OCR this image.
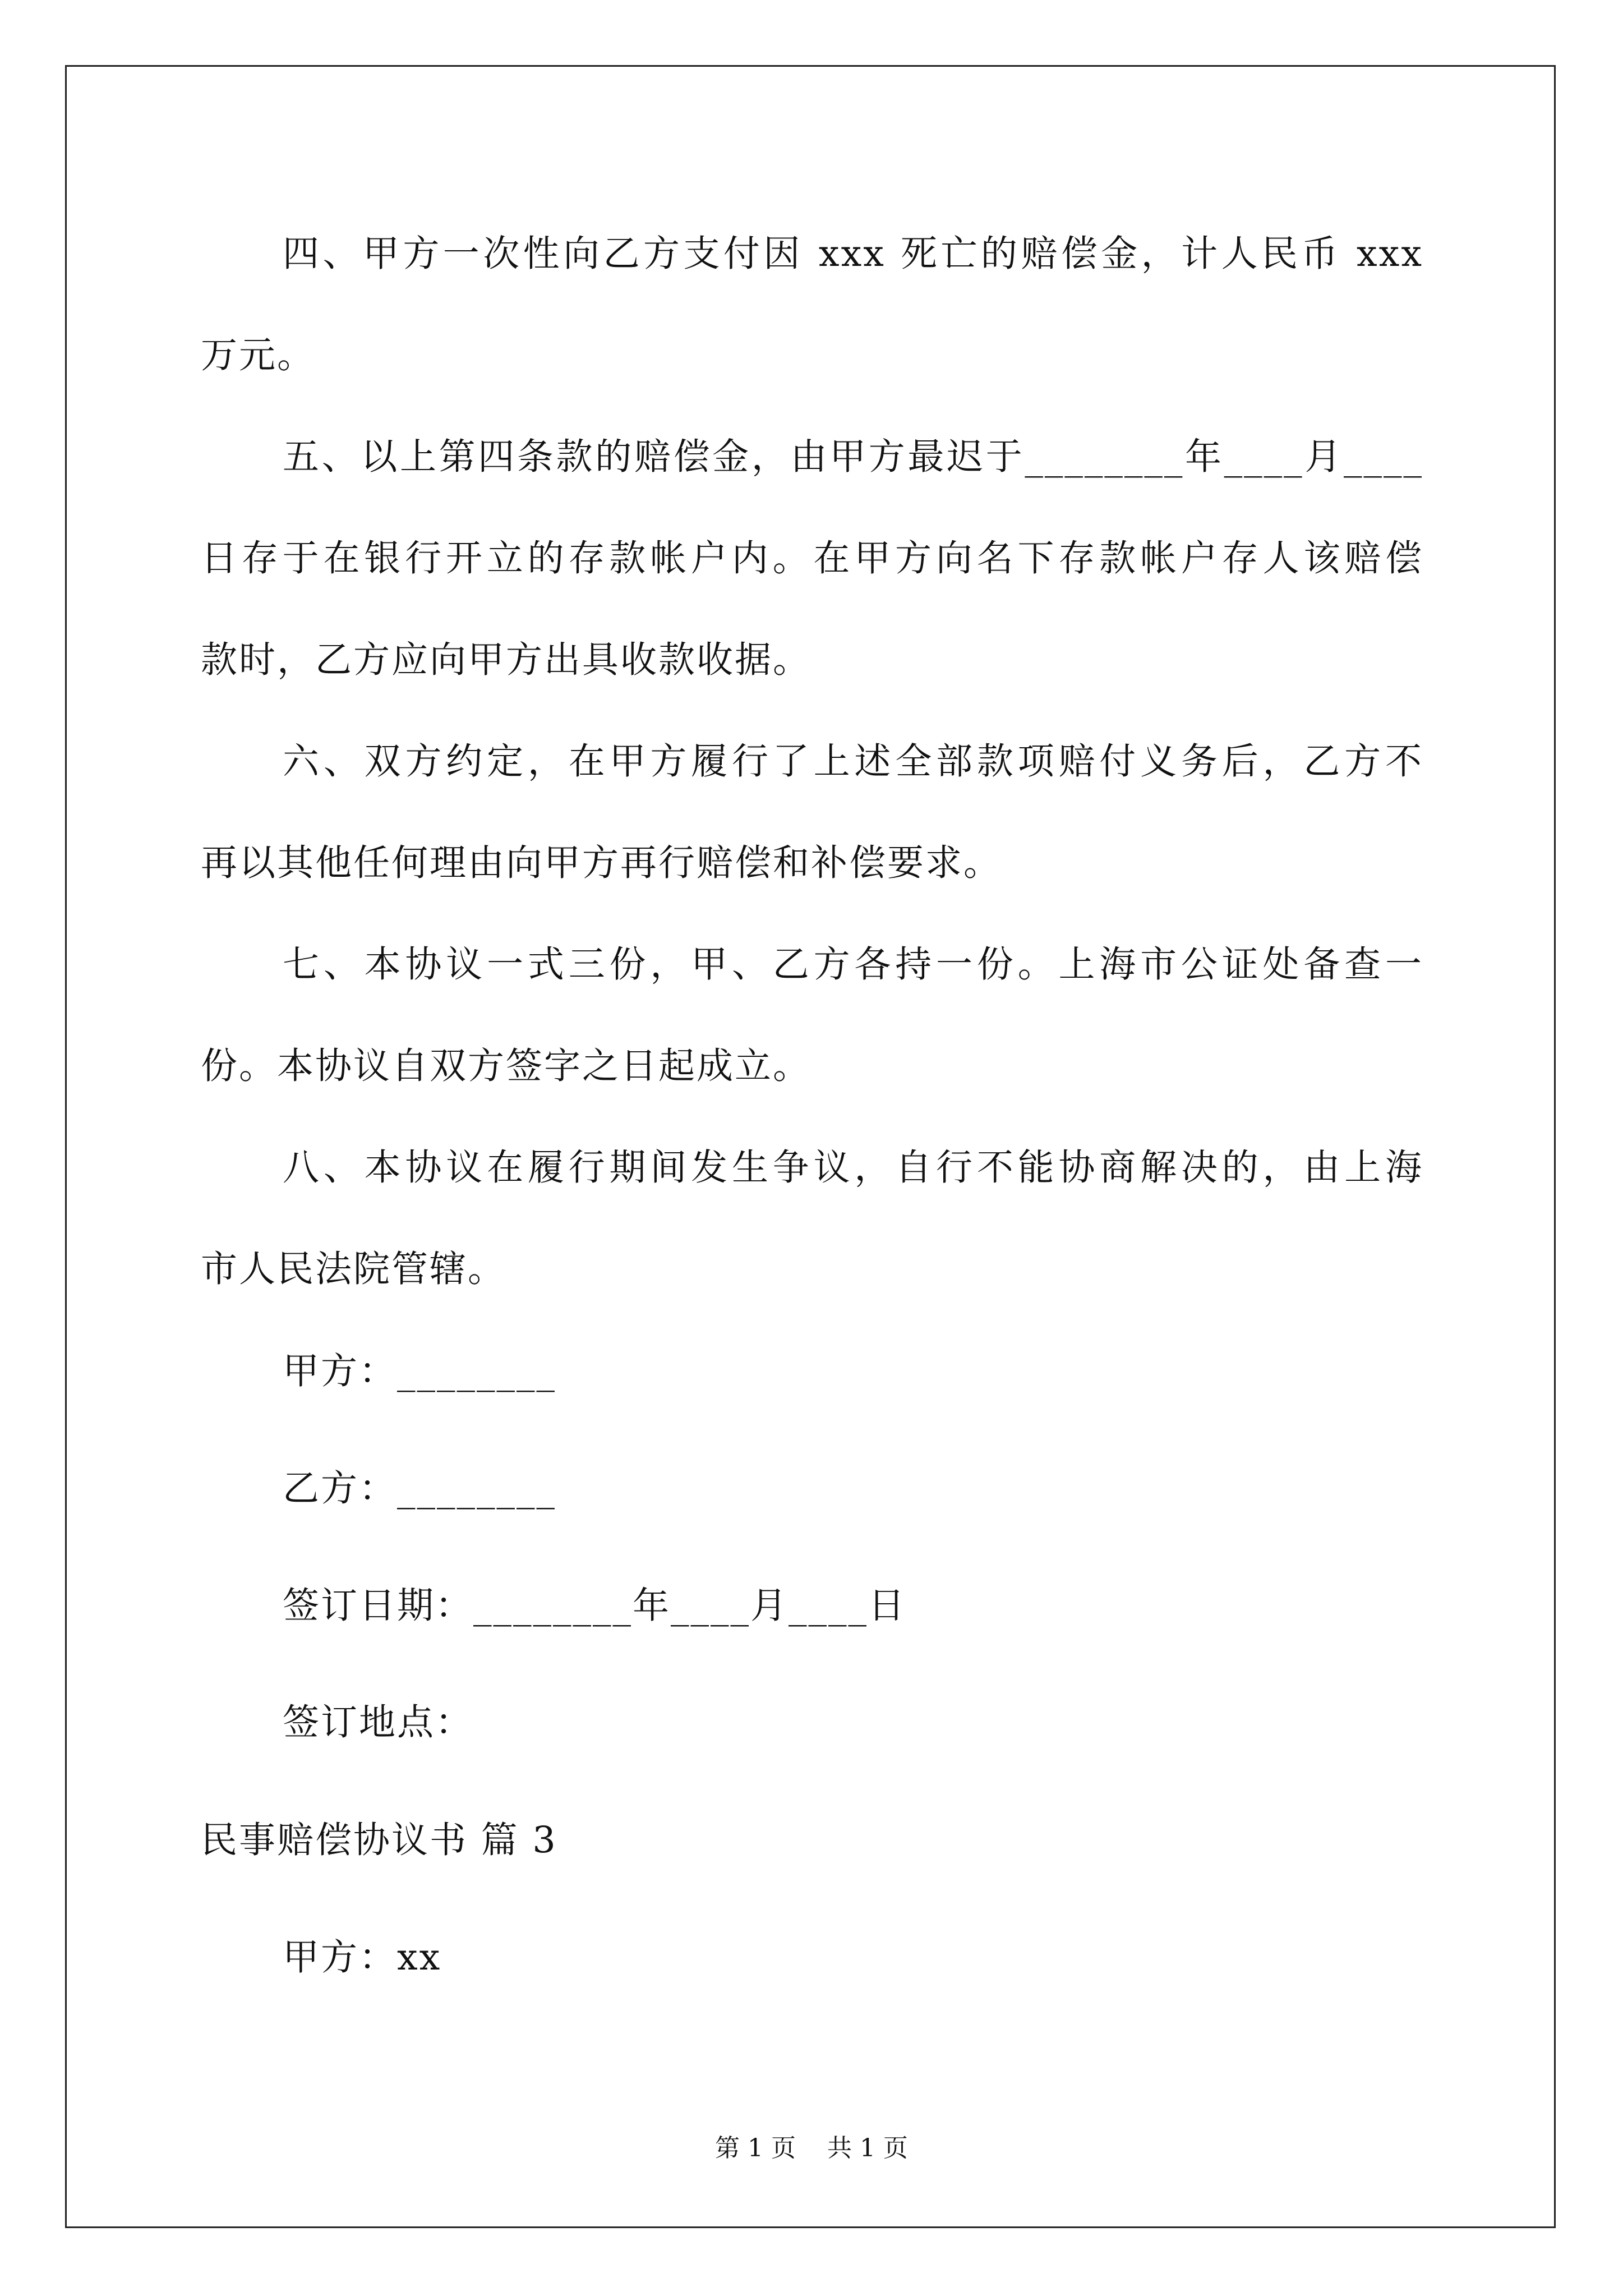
四、甲方一次性向乙方支付因 xxx 死亡的赔偿金，计人民币 xxx
万元。
五、以上第四条款的赔偿金，由甲方最迟于________年____月____
日存于在银行开立的存款帐户内。在甲方向名下存款帐户存人该赔偿
款时，乙方应向甲方出具收款收据。
六、双方约定，在甲方履行了上述全部款项赔付义务后，乙方不
再以其他任何理由向甲方再行赔偿和补偿要求。
七、本协议一式三份，甲、乙方各持一份。上海市公证处备查一
份。本协议自双方签字之日起成立。
八、本协议在履行期间发生争议，自行不能协商解决的，由上海
市人民法院管辖。
甲方：________
乙方：________
签订日期：________年____月____日
签订地点：
民事赔偿协议书 篇 3
甲方：xx
第 1 页    共 1 页
